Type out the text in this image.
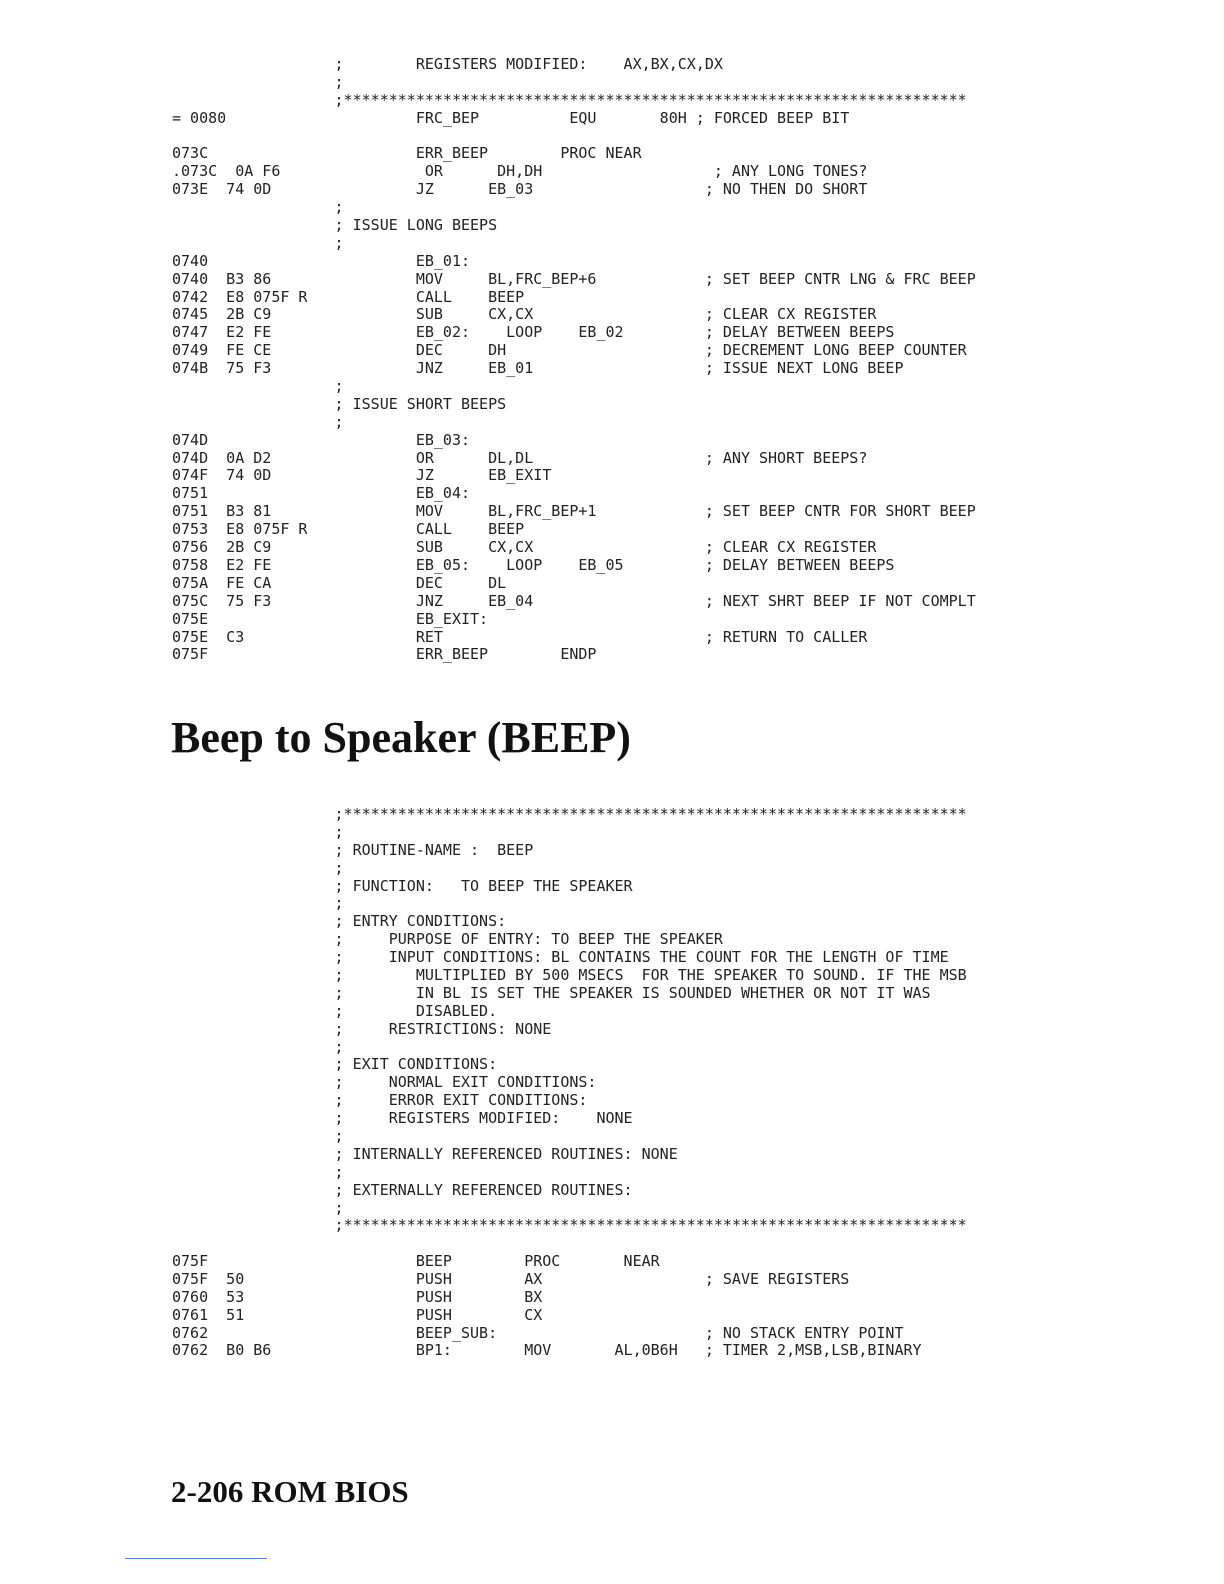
;        REGISTERS MODIFIED:    AX,BX,CX,DX
;
;*********************************************************************
= 0080                     FRC_BEP          EQU       80H ; FORCED BEEP BIT
073C                       ERR_BEEP        PROC NEAR
.073C  0A F6                OR      DH,DH                   ; ANY LONG TONES?
073E  74 0D                JZ      EB_03                   ; NO THEN DO SHORT
;
; ISSUE LONG BEEPS
;
0740                       EB_01:
0740  B3 86                MOV     BL,FRC_BEP+6            ; SET BEEP CNTR LNG & FRC BEEP
0742  E8 075F R            CALL    BEEP
0745  2B C9                SUB     CX,CX                   ; CLEAR CX REGISTER
0747  E2 FE                EB_02:    LOOP    EB_02         ; DELAY BETWEEN BEEPS
0749  FE CE                DEC     DH                      ; DECREMENT LONG BEEP COUNTER
074B  75 F3                JNZ     EB_01                   ; ISSUE NEXT LONG BEEP
;
; ISSUE SHORT BEEPS
;
074D                       EB_03:
074D  0A D2                OR      DL,DL                   ; ANY SHORT BEEPS?
074F  74 0D                JZ      EB_EXIT
0751                       EB_04:
0751  B3 81                MOV     BL,FRC_BEP+1            ; SET BEEP CNTR FOR SHORT BEEP
0753  E8 075F R            CALL    BEEP
0756  2B C9                SUB     CX,CX                   ; CLEAR CX REGISTER
0758  E2 FE                EB_05:    LOOP    EB_05         ; DELAY BETWEEN BEEPS
075A  FE CA                DEC     DL
075C  75 F3                JNZ     EB_04                   ; NEXT SHRT BEEP IF NOT COMPLT
075E                       EB_EXIT:
075E  C3                   RET                             ; RETURN TO CALLER
075F                       ERR_BEEP        ENDP
Beep to Speaker (BEEP)
;*********************************************************************
;
; ROUTINE-NAME :  BEEP
;
; FUNCTION:   TO BEEP THE SPEAKER
;
; ENTRY CONDITIONS:
;     PURPOSE OF ENTRY: TO BEEP THE SPEAKER
;     INPUT CONDITIONS: BL CONTAINS THE COUNT FOR THE LENGTH OF TIME
;        MULTIPLIED BY 500 MSECS  FOR THE SPEAKER TO SOUND. IF THE MSB
;        IN BL IS SET THE SPEAKER IS SOUNDED WHETHER OR NOT IT WAS
;        DISABLED.
;     RESTRICTIONS: NONE
;
; EXIT CONDITIONS:
;     NORMAL EXIT CONDITIONS:
;     ERROR EXIT CONDITIONS:
;     REGISTERS MODIFIED:    NONE
;
; INTERNALLY REFERENCED ROUTINES: NONE
;
; EXTERNALLY REFERENCED ROUTINES:
;
;*********************************************************************
075F                       BEEP        PROC       NEAR
075F  50                   PUSH        AX                  ; SAVE REGISTERS
0760  53                   PUSH        BX
0761  51                   PUSH        CX
0762                       BEEP_SUB:                       ; NO STACK ENTRY POINT
0762  B0 B6                BP1:        MOV       AL,0B6H   ; TIMER 2,MSB,LSB,BINARY
2-206 ROM BIOS
